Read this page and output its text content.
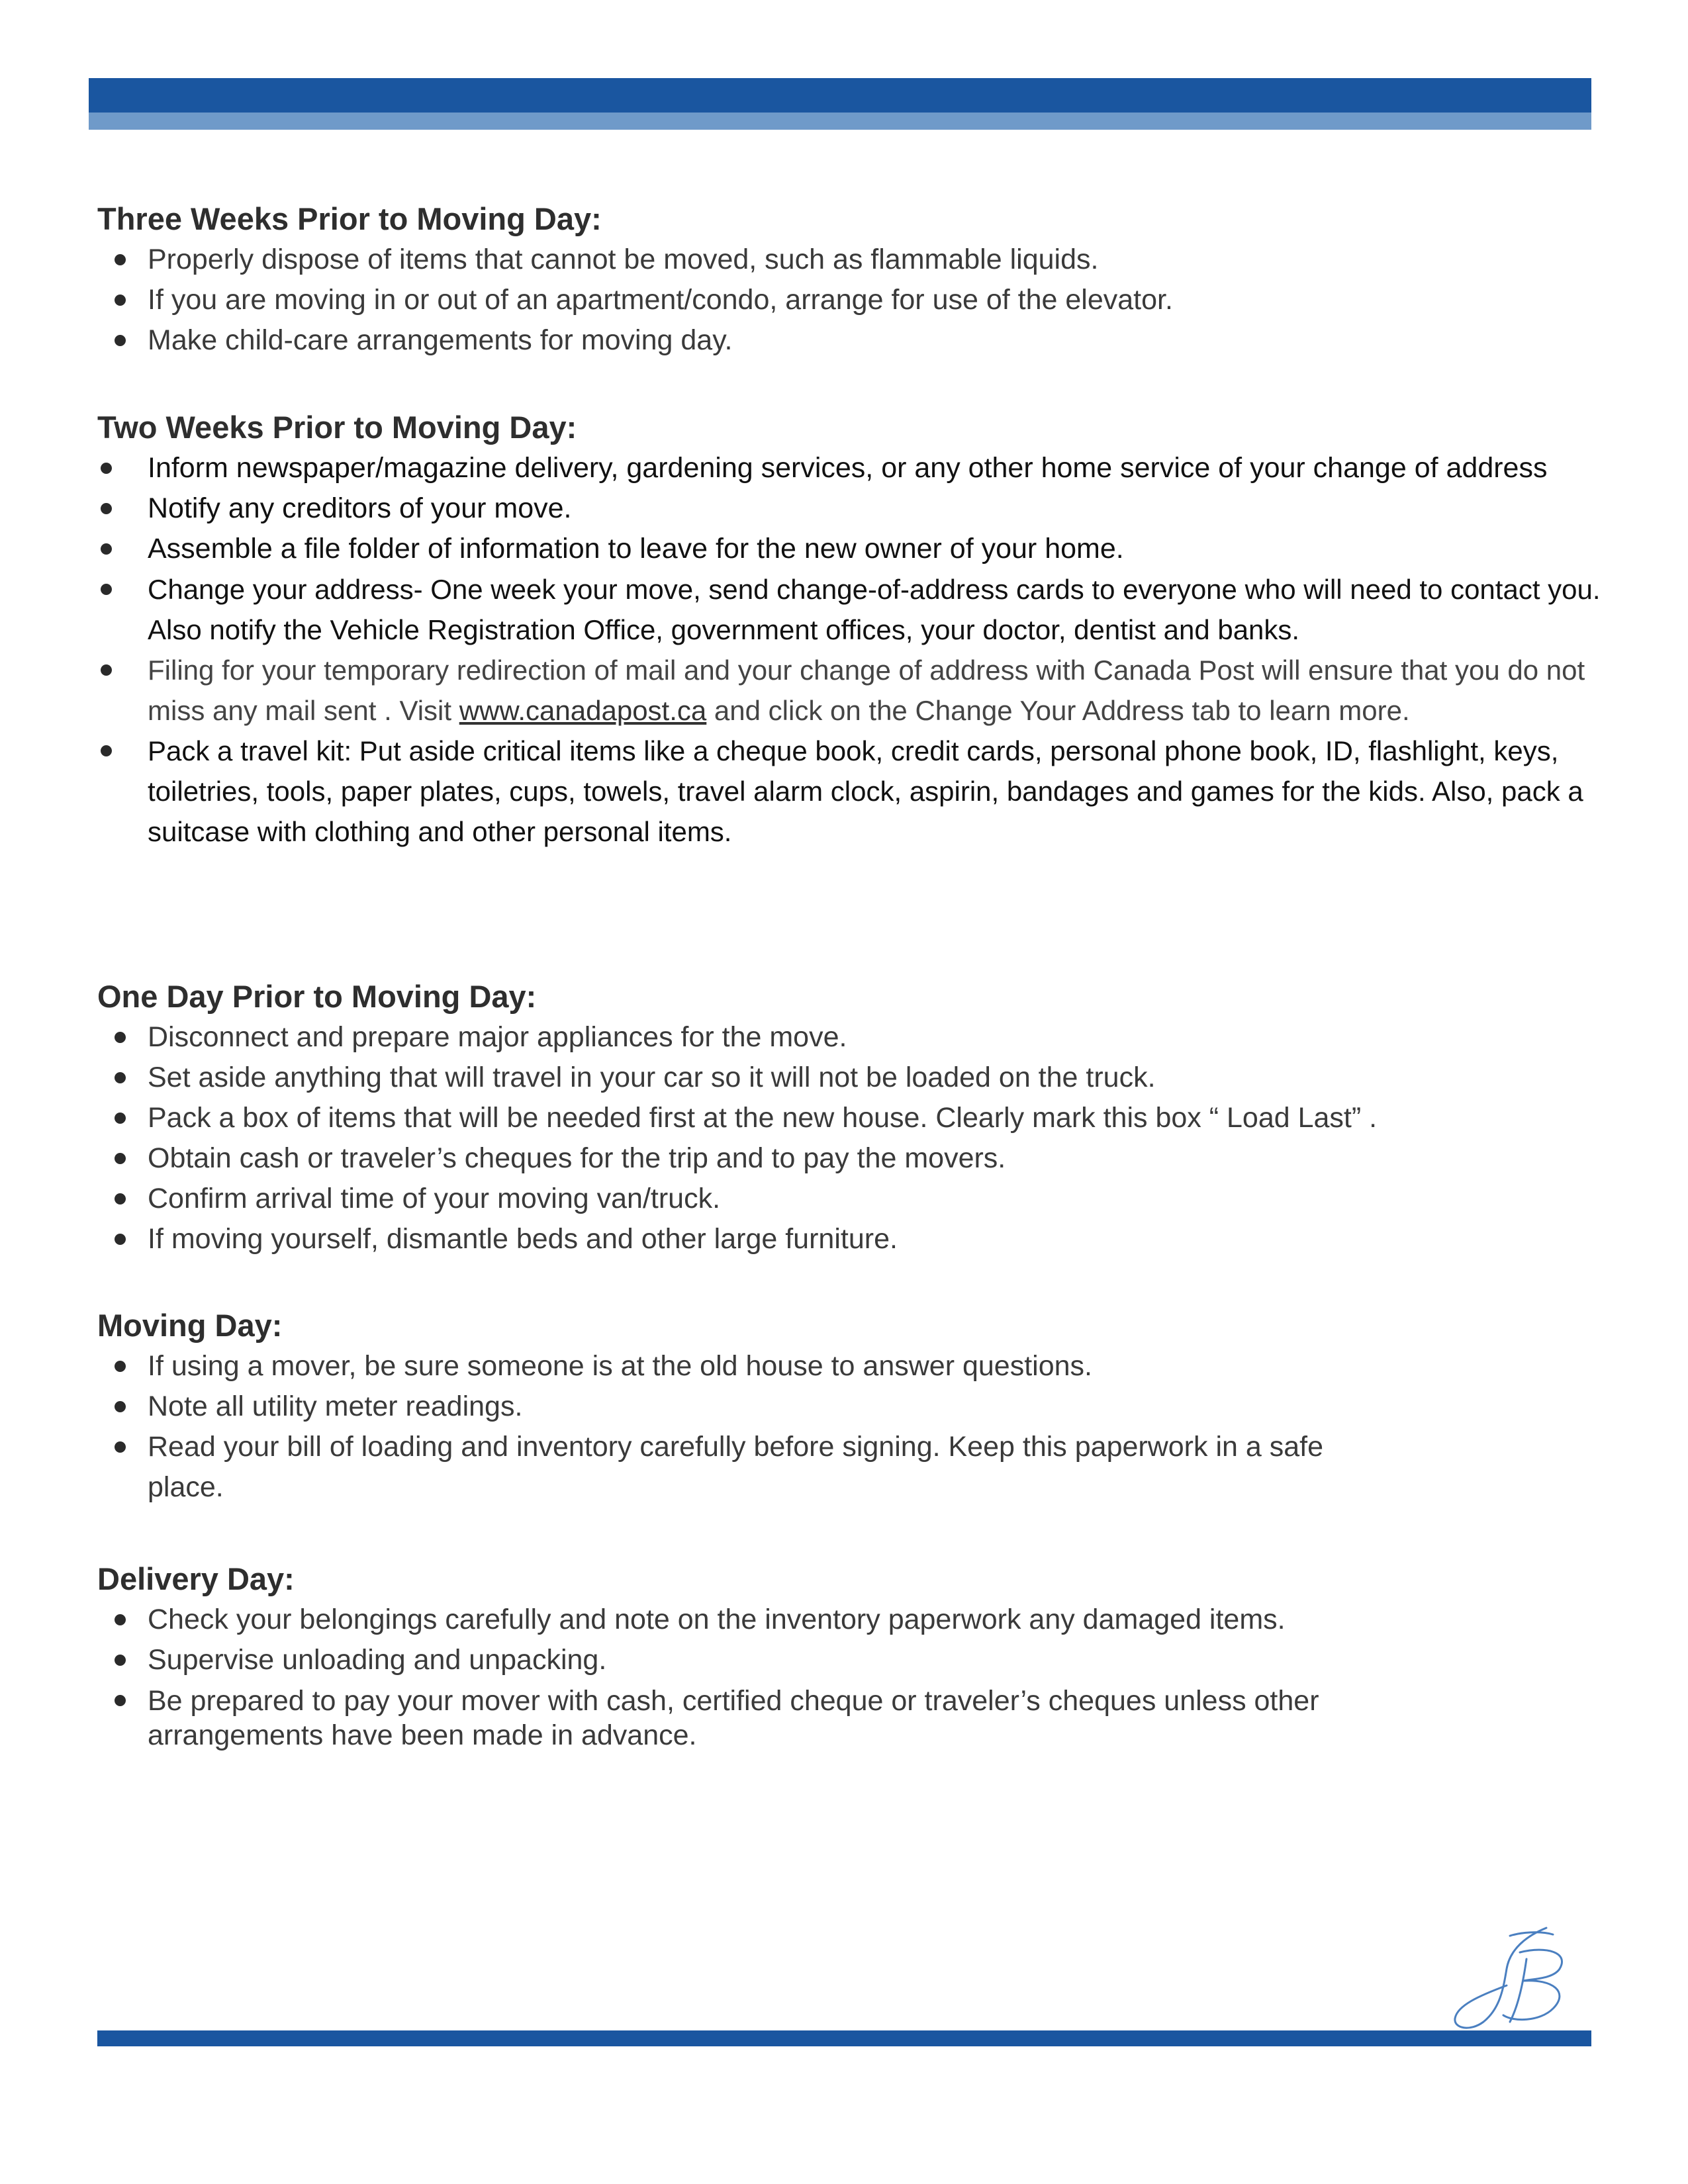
Three Weeks Prior to Moving Day:
Properly dispose of items that cannot be moved, such as flammable liquids.
If you are moving in or out of an apartment/condo, arrange for use of the elevator.
Make child-care arrangements for moving day.
Two Weeks Prior to Moving Day:
Inform newspaper/magazine delivery, gardening services, or any other home service of your change of address
Notify any creditors of your move.
Assemble a file folder of information to leave for the new owner of your home.
Change your address- One week your move, send change-of-address cards to everyone who will need to contact you. Also notify the Vehicle Registration Office, government offices, your doctor, dentist and banks.
Filing for your temporary redirection of mail and your change of address with Canada Post will ensure that you do not miss any mail sent . Visit www.canadapost.ca and click on the Change Your Address tab to learn more.
Pack a travel kit: Put aside critical items like a cheque book, credit cards, personal phone book, ID, flashlight, keys, toiletries, tools, paper plates, cups, towels, travel alarm clock, aspirin, bandages and games for the kids. Also, pack a suitcase with clothing and other personal items.
One Day Prior to Moving Day:
Disconnect and prepare major appliances for the move.
Set aside anything that will travel in your car so it will not be loaded on the truck.
Pack a box of items that will be needed first at the new house. Clearly mark this box “ Load Last” .
Obtain cash or traveler’s cheques for the trip and to pay the movers.
Confirm arrival time of your moving van/truck.
If moving yourself, dismantle beds and other large furniture.
Moving Day:
If using a mover, be sure someone is at the old house to answer questions.
Note all utility meter readings.
Read your bill of loading and inventory carefully before signing. Keep this paperwork in a safe place.
Delivery Day:
Check your belongings carefully and note on the inventory paperwork any damaged items.
Supervise unloading and unpacking.
Be prepared to pay your mover with cash, certified cheque or traveler’s cheques unless other arrangements have been made in advance.
